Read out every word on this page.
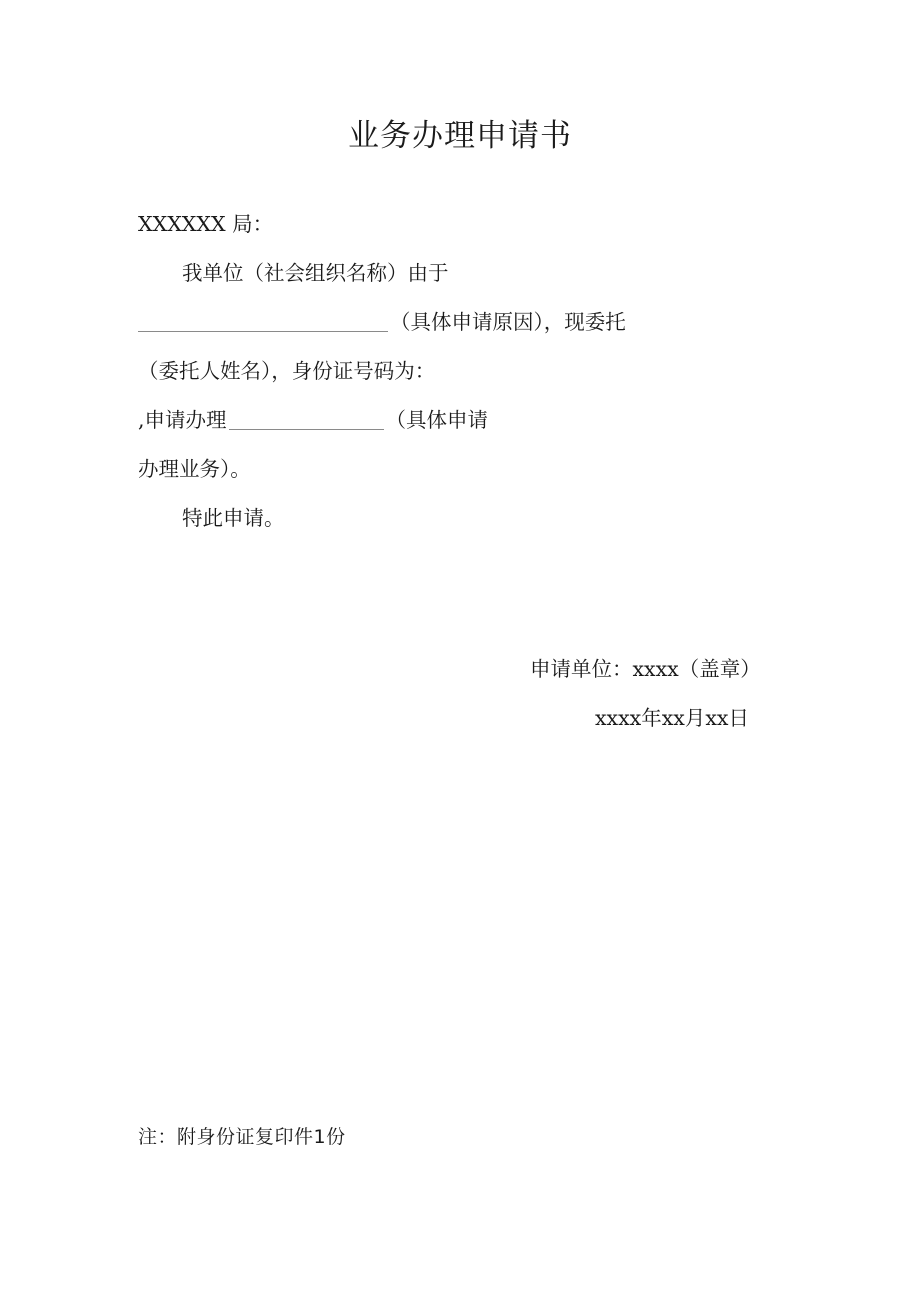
业务办理申请书
XXXXXX 局：
我单位（社会组织名称）由于
（具体申请原因），现委托
（委托人姓名），身份证号码为：
,申请办理	（具体申请
办理业务）。
特此申请。
申请单位：xxxx（盖章）
xxxx年xx月xx日
注：附身份证复印件1份
